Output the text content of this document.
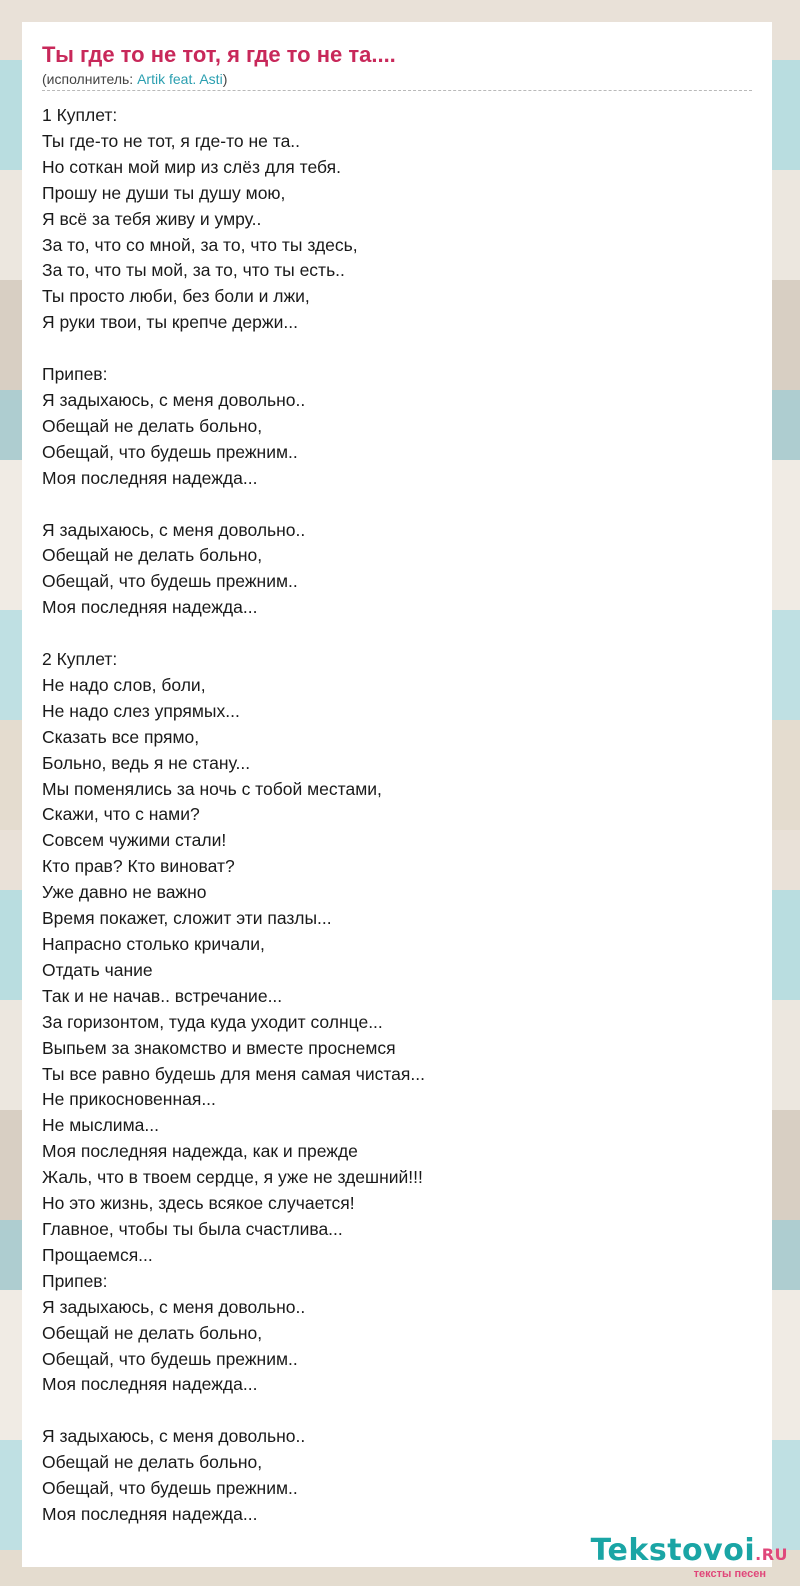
Ты где то не тот, я где то не та....
(исполнитель: Artik feat. Asti)
1 Куплет:
Ты где-то не тот, я где-то не та..
Но соткан мой мир из слёз для тебя.
Прошу не души ты душу мою,
Я всё за тебя живу и умру..
За то, что со мной, за то, что ты здесь,
За то, что ты мой, за то, что ты есть..
Ты просто люби, без боли и лжи,
Я руки твои, ты крепче держи...

Припев:
Я задыхаюсь, с меня довольно..
Обещай не делать больно,
Обещай, что будешь прежним..
Моя последняя надежда...

Я задыхаюсь, с меня довольно..
Обещай не делать больно,
Обещай, что будешь прежним..
Моя последняя надежда...

2 Куплет:
Не надо слов, боли,
Не надо слез упрямых...
Сказать все прямо,
Больно, ведь я не стану...
Мы поменялись за ночь с тобой местами,
Скажи, что с нами?
Совсем чужими стали!
Кто прав? Кто виноват?
Уже давно не важно
Время покажет, сложит эти пазлы...
Напрасно столько кричали,
Отдать чание
Так и не начав.. встречание...
За горизонтом, туда куда уходит солнце...
Выпьем за знакомство и вместе проснемся
Ты все равно будешь для меня самая чистая...
Не прикосновенная...
Не мыслима...
Моя последняя надежда, как и прежде
Жаль, что в твоем сердце, я уже не здешний!!!
Но это жизнь, здесь всякое случается!
Главное, чтобы ты была счастлива...
Прощаемся...
Припев:
Я задыхаюсь, с меня довольно..
Обещай не делать больно,
Обещай, что будешь прежним..
Моя последняя надежда...

Я задыхаюсь, с меня довольно..
Обещай не делать больно,
Обещай, что будешь прежним..
Моя последняя надежда...
Tekstovoi.RU
тексты песен
